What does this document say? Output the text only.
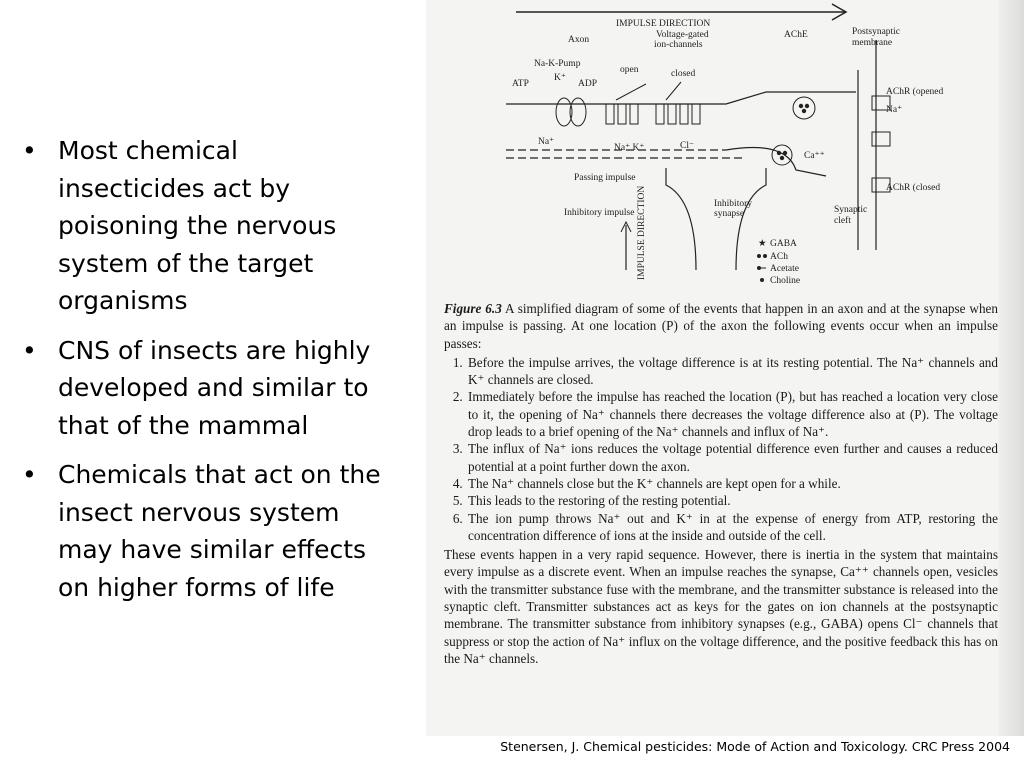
• Most chemical insecticides act by poisoning the nervous system of the target organisms
• CNS of insects are highly developed and similar to that of the mammal
• Chemicals that act on the insect nervous system may have similar effects on higher forms of life
IMPULSE DIRECTION
Axon	Voltage-gated
ion-channels
AChE	Postsynaptic
membrane
Na-K-Pump
ATP
K⁺
ADP
open	closed
AChR (opened
Na⁺
Na⁺
Na⁺ K⁺	Cl⁻
Ca⁺⁺
Passing impulse
AChR (closed
Synaptic
cleft
Inhibitory impulse
Inhibitory
synapse
IMPULSE DIRECTION	★ GABA
ACh
Acetate
Choline

Figure 6.3 A simplified diagram of some of the events that happen in an axon and at the synapse when an impulse is passing. At one location (P) of the axon the following events occur when an impulse passes:

1. Before the impulse arrives, the voltage difference is at its resting potential. The Na⁺ channels and K⁺ channels are closed.
2. Immediately before the impulse has reached the location (P), but has reached a location very close to it, the opening of Na⁺ channels there decreases the voltage difference also at (P). The voltage drop leads to a brief opening of the Na⁺ channels and influx of Na⁺.
3. The influx of Na⁺ ions reduces the voltage potential difference even further and causes a reduced potential at a point further down the axon.
4. The Na⁺ channels close but the K⁺ channels are kept open for a while.
5. This leads to the restoring of the resting potential.
6. The ion pump throws Na⁺ out and K⁺ in at the expense of energy from ATP, restoring the concentration difference of ions at the inside and outside of the cell.

These events happen in a very rapid sequence. However, there is inertia in the system that maintains every impulse as a discrete event. When an impulse reaches the synapse, Ca⁺⁺ channels open, vesicles with the transmitter substance fuse with the membrane, and the transmitter substance is released into the synaptic cleft. Transmitter substances act as keys for the gates on ion channels at the postsynaptic membrane. The transmitter substance from inhibitory synapses (e.g., GABA) opens Cl⁻ channels that suppress or stop the action of Na⁺ influx on the voltage difference, and the positive feedback this has on the Na⁺ channels.

Stenersen, J. Chemical pesticides: Mode of Action and Toxicology. CRC Press 2004
